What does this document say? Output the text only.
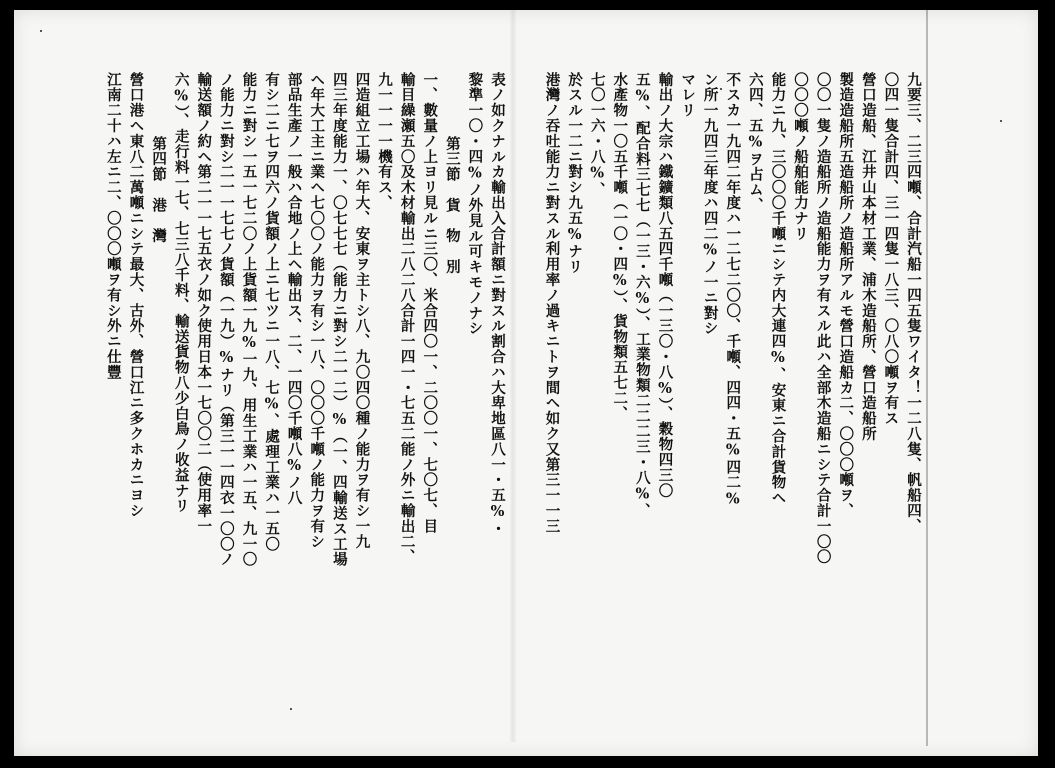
表ノ如クナルカ輸出入合計額ニ對スル割合ハ大卑地區八一・五%・

黎準一〇・四%ノ外見ル可キモノナシ

第三節　貨　物　別

一、數量ノ上ヨリ見ルニ三〇、米合四〇一、二〇〇一、七〇七、目

輸目繰瀬五〇及木材輸出二八二八合計一四一・七五二能ノ外ニ輸出二、

九一一一一機有ス、

四造組立工場ハ年大、安東ヲ主トシ八、九〇四〇種ノ能力ヲ有シ一九

四三年度能力一、〇七七七（能力ニ對シ二一二）%（一、四輸送ス工場

ヘ年大工主ニ業ヘ七〇〇ノ能力ヲ有シ一八、〇〇〇千噸ノ能力ヲ有シ

部品生產ノ一般ハ合地ノ上ヘ輸出ス、二、一四〇千噸八%ノ八

有シ二ニ七ヲ四六ノ貨額ノ上ニ七ツニ一八、七%、處理工業ハ一五〇

能力ニ對シ一五一七二〇ノ上貨額一九%一九、用生工業ハ一五、九一〇

ノ能力ニ對シ二一一七七ノ貨額（一九）%ナリ（第三一一四衣一〇〇ノ

輸送額ノ約ヘ第二一一七五衣ノ如ク使用日本一七〇〇二（使用率一

六%）、走行料一七、七三八千料、輸送貨物八少白鳥ノ收益ナリ

第四節　港　灣

營口港ヘ東八二萬噸ニシテ最大、古外、營口江ニ多クホカニヨシ

江南二十ハ左ニ二、〇〇〇噸ヲ有シ外ニ仕豐	九要三、二三四噸、合計汽船一四五隻ワイタ！一二八隻、帆船四、

〇四一隻合計四、三一四隻一八三、〇八〇噸ヲ有ス

營口造船、江井山本材工業、浦木造船所、營口造船所

製造造船所五造船所ノ造船所アルモ營口造船カ二、〇〇〇噸ヲ、

〇〇一隻ノ造船所ノ造船能力ヲ有スル此ハ全部木造船ニシテ合計一〇〇

〇〇〇噸ノ船舶能力ナリ

能力ニ九、三〇〇〇千噸ニシテ内大連四%、安東ニ合計貨物ヘ

六四、五%ヲ占ム、

不スカ一九四二年度ハ一二七二〇〇、千噸、四四・五%四二%

ン所一九四三年度ハ四二%ノ一ニ對シ

マレリ

輸出ノ大宗ハ鐵鑛類八五四千噸（一三〇・八%）、穀物四三〇

五%、配合料三七七（一三・六%）、工業物類二二二三・八%、

水產物一〇五千噸（一〇・四%）、貨物類五七二、

七〇一六・八%、

於スル一二ニ對シ九五%ナリ

港灣ノ吞吐能力ニ對スル利用率ノ過キニトヲ間ヘ如ク又第三一一三
